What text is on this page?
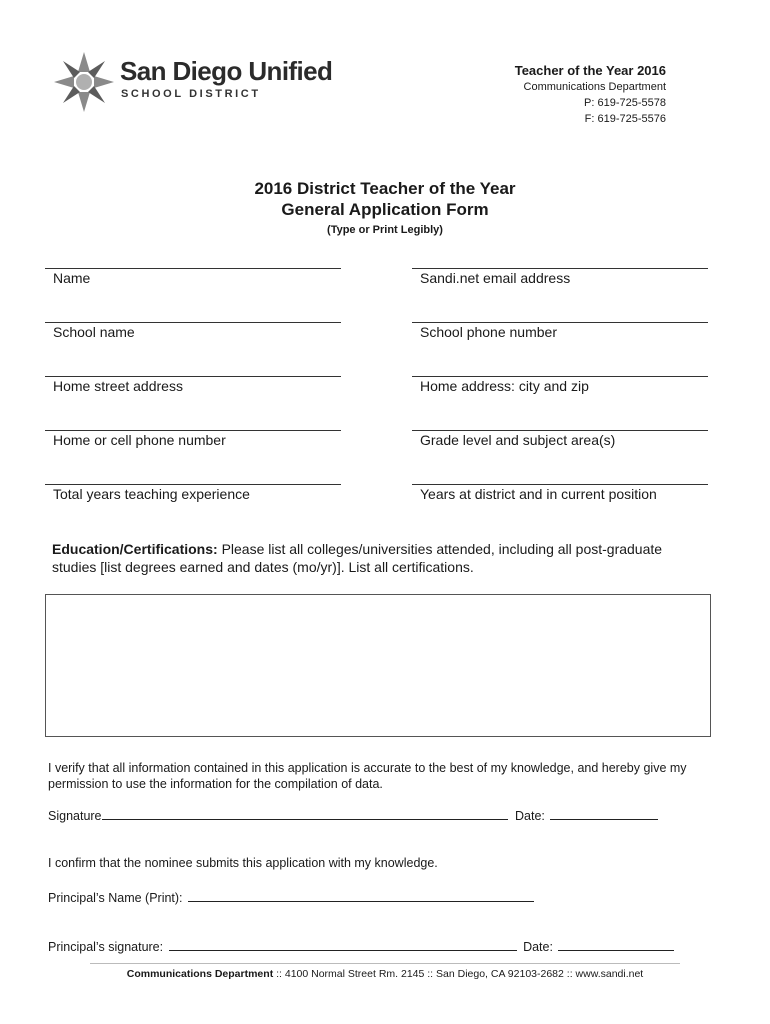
San Diego Unified
SCHOOL DISTRICT
Teacher of the Year 2016
Communications Department
P: 619-725-5578
F: 619-725-5576
2016 District Teacher of the Year
General Application Form
(Type or Print Legibly)
Name	Sandi.net email address
School name	School phone number
Home street address	Home address: city and zip
Home or cell phone number	Grade level and subject area(s)
Total years teaching experience	Years at district and in current position
Education/Certifications: Please list all colleges/universities attended, including all post-graduate studies [list degrees earned and dates (mo/yr)]. List all certifications.
I verify that all information contained in this application is accurate to the best of my knowledge, and hereby give my permission to use the information for the compilation of data.
Signature	Date:
I confirm that the nominee submits this application with my knowledge.
Principal’s Name (Print):
Principal’s signature:	Date:
Communications Department :: 4100 Normal Street Rm. 2145 :: San Diego, CA 92103-2682 :: www.sandi.net
